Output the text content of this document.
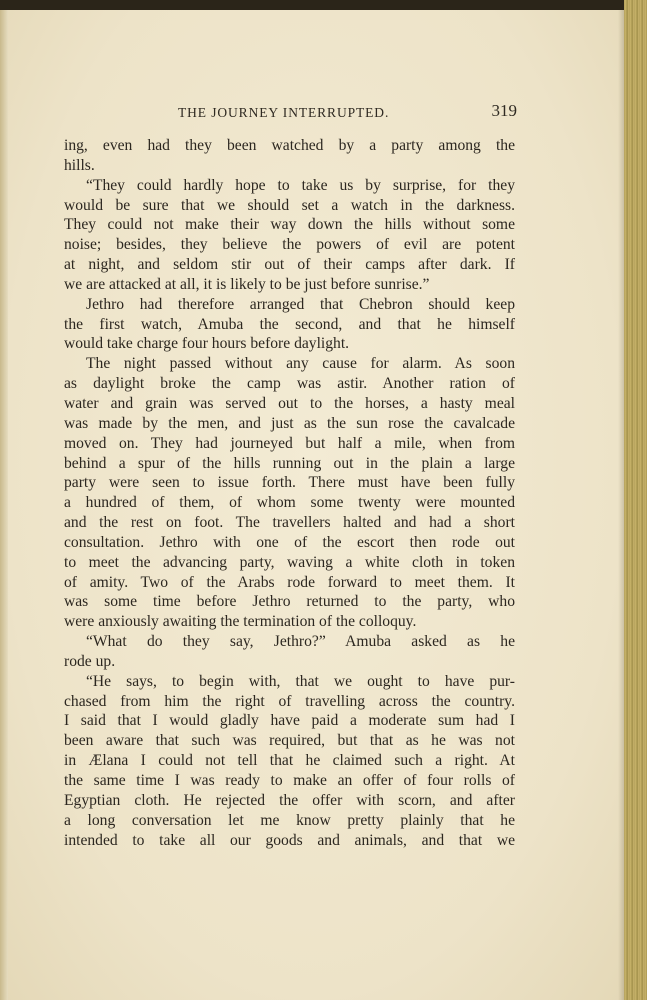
THE JOURNEY INTERRUPTED.	319
ing, even had they been watched by a party among the
hills.
“They could hardly hope to take us by surprise, for they
would be sure that we should set a watch in the darkness.
They could not make their way down the hills without some
noise; besides, they believe the powers of evil are potent
at night, and seldom stir out of their camps after dark. If
we are attacked at all, it is likely to be just before sunrise.”
Jethro had therefore arranged that Chebron should keep
the first watch, Amuba the second, and that he himself
would take charge four hours before daylight.
The night passed without any cause for alarm. As soon
as daylight broke the camp was astir. Another ration of
water and grain was served out to the horses, a hasty meal
was made by the men, and just as the sun rose the cavalcade
moved on. They had journeyed but half a mile, when from
behind a spur of the hills running out in the plain a large
party were seen to issue forth. There must have been fully
a hundred of them, of whom some twenty were mounted
and the rest on foot. The travellers halted and had a short
consultation. Jethro with one of the escort then rode out
to meet the advancing party, waving a white cloth in token
of amity. Two of the Arabs rode forward to meet them. It
was some time before Jethro returned to the party, who
were anxiously awaiting the termination of the colloquy.
“What do they say, Jethro?” Amuba asked as he
rode up.
“He says, to begin with, that we ought to have pur-
chased from him the right of travelling across the country.
I said that I would gladly have paid a moderate sum had I
been aware that such was required, but that as he was not
in Ælana I could not tell that he claimed such a right. At
the same time I was ready to make an offer of four rolls of
Egyptian cloth. He rejected the offer with scorn, and after
a long conversation let me know pretty plainly that he
intended to take all our goods and animals, and that we
